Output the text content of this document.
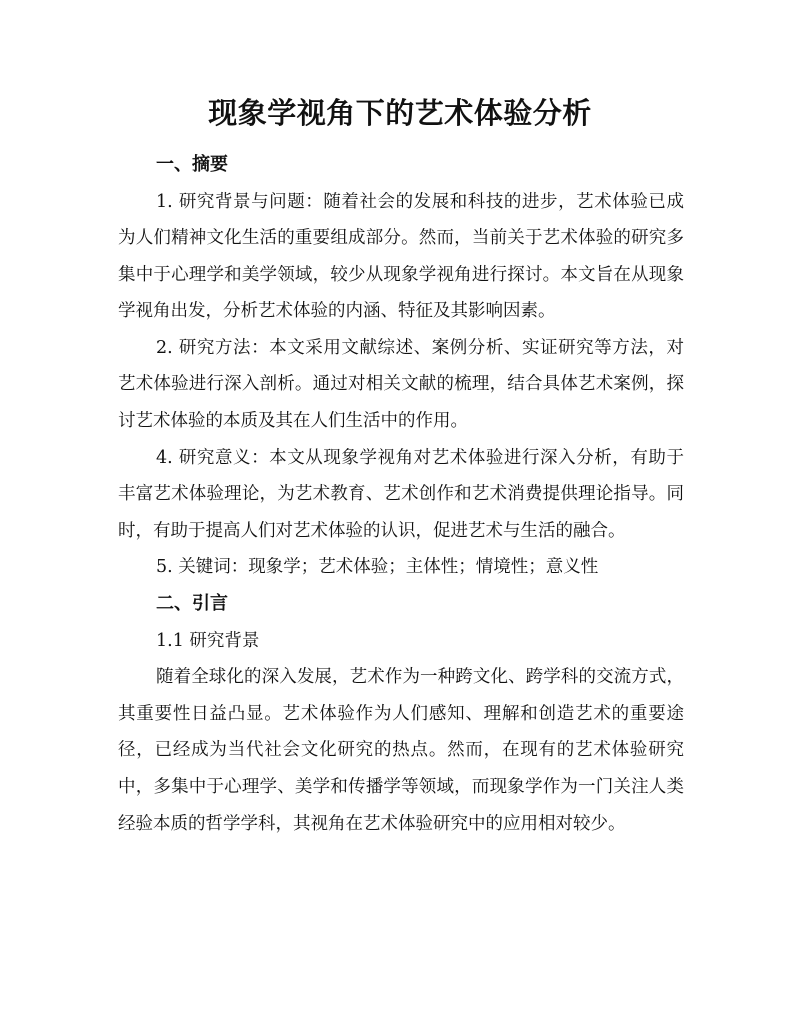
现象学视角下的艺术体验分析

一、摘要

1. 研究背景与问题：随着社会的发展和科技的进步，艺术体验已成为人们精神文化生活的重要组成部分。然而，当前关于艺术体验的研究多集中于心理学和美学领域，较少从现象学视角进行探讨。本文旨在从现象学视角出发，分析艺术体验的内涵、特征及其影响因素。

2. 研究方法：本文采用文献综述、案例分析、实证研究等方法，对艺术体验进行深入剖析。通过对相关文献的梳理，结合具体艺术案例，探讨艺术体验的本质及其在人们生活中的作用。

4. 研究意义：本文从现象学视角对艺术体验进行深入分析，有助于丰富艺术体验理论，为艺术教育、艺术创作和艺术消费提供理论指导。同时，有助于提高人们对艺术体验的认识，促进艺术与生活的融合。

5. 关键词：现象学；艺术体验；主体性；情境性；意义性

二、引言

1.1 研究背景

随着全球化的深入发展，艺术作为一种跨文化、跨学科的交流方式，其重要性日益凸显。艺术体验作为人们感知、理解和创造艺术的重要途径，已经成为当代社会文化研究的热点。然而，在现有的艺术体验研究中，多集中于心理学、美学和传播学等领域，而现象学作为一门关注人类经验本质的哲学学科，其视角在艺术体验研究中的应用相对较少。
